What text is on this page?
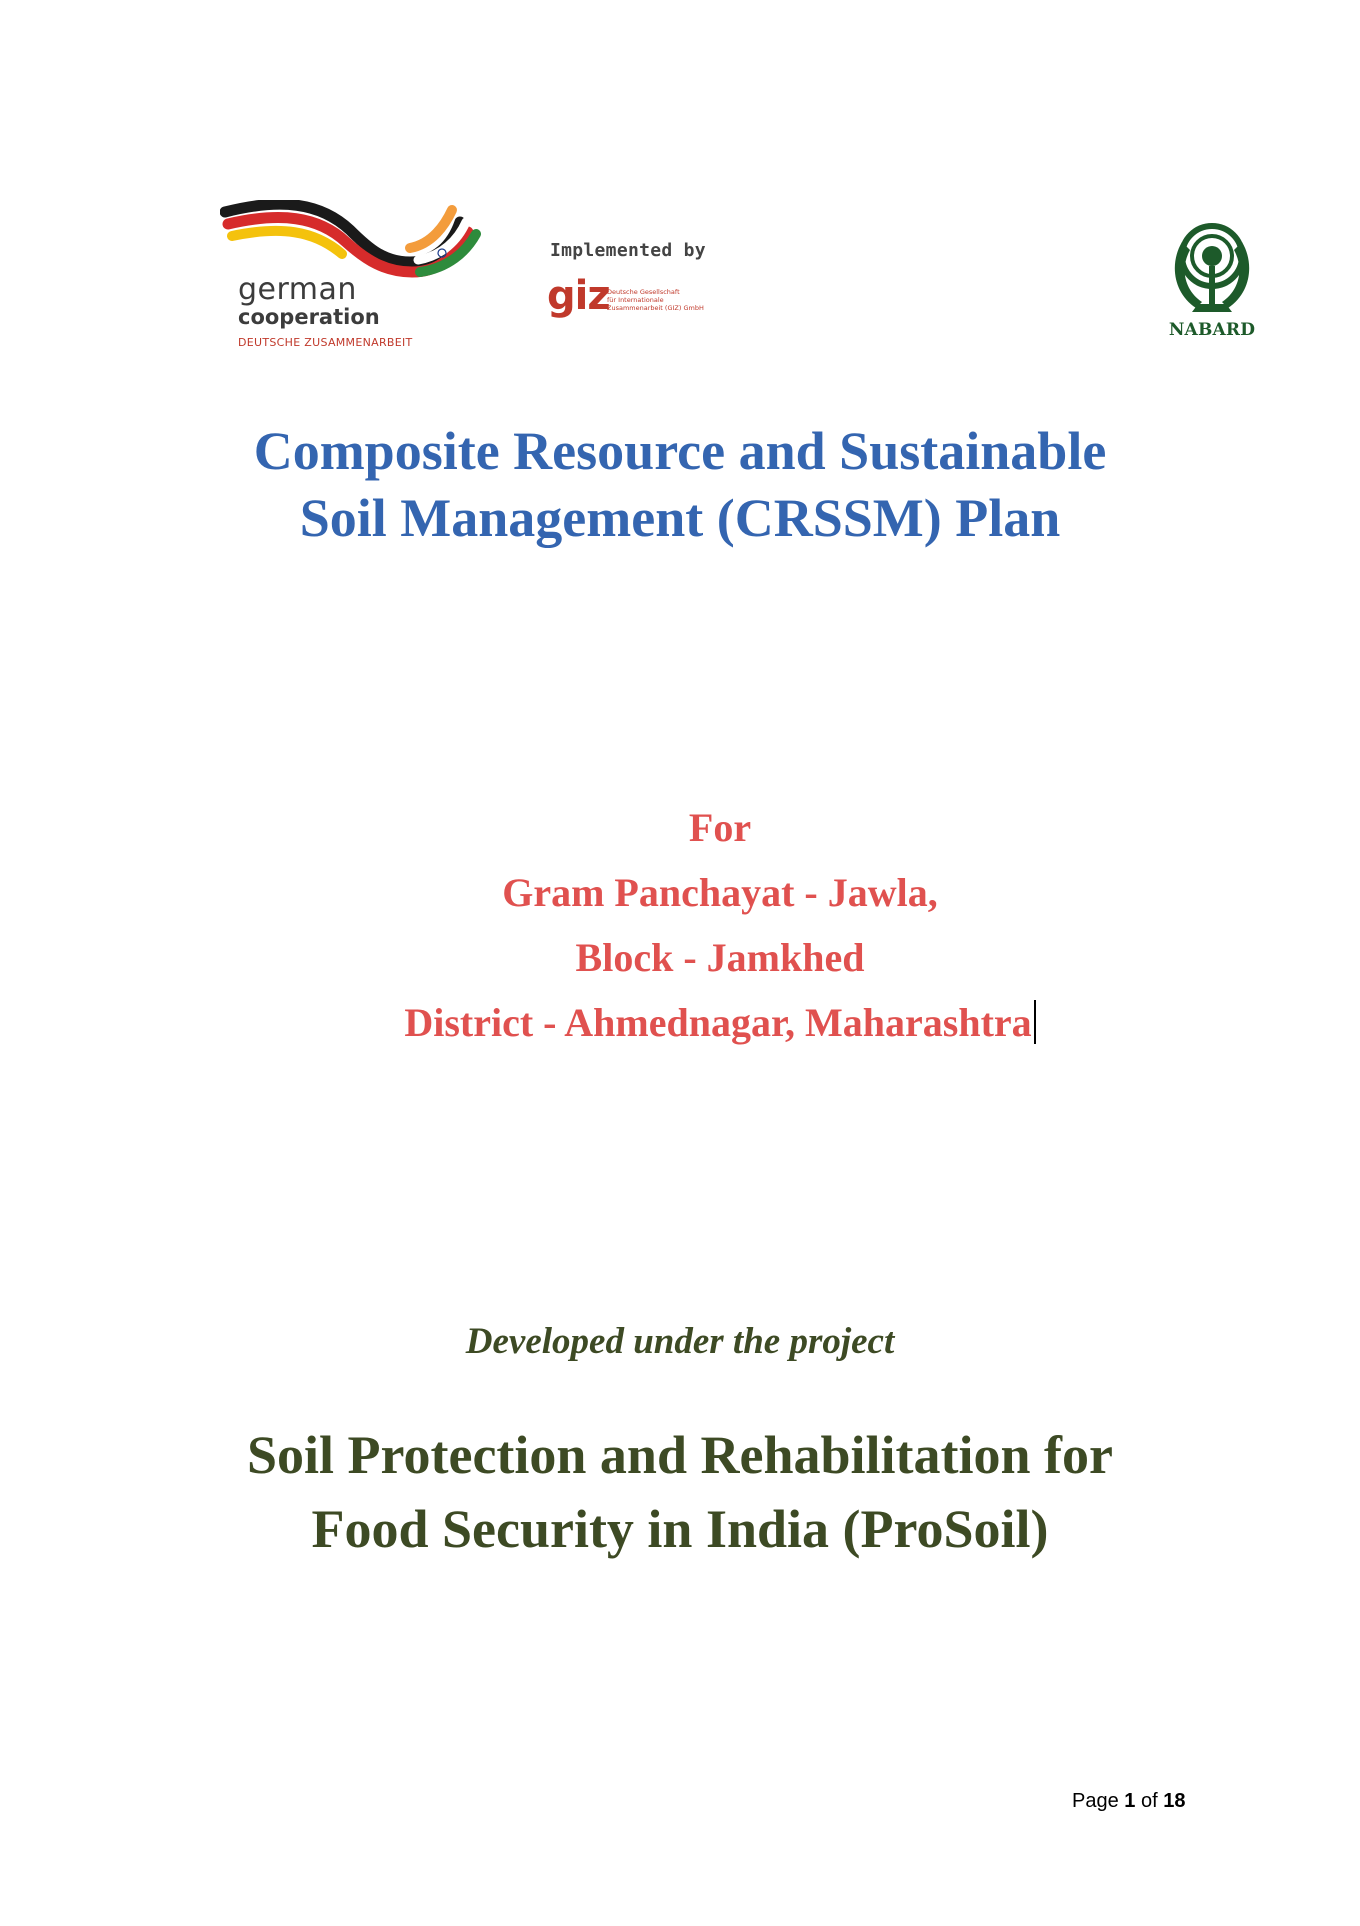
german
cooperation
DEUTSCHE ZUSAMMENARBEIT
Implemented by
giz
Deutsche Gesellschaft
für Internationale
Zusammenarbeit (GIZ) GmbH
NABARD
Composite Resource and Sustainable
Soil Management (CRSSM) Plan
For
Gram Panchayat - Jawla,
Block - Jamkhed
District - Ahmednagar, Maharashtra
Developed under the project
Soil Protection and Rehabilitation for
Food Security in India (ProSoil)
Page 1 of 18
